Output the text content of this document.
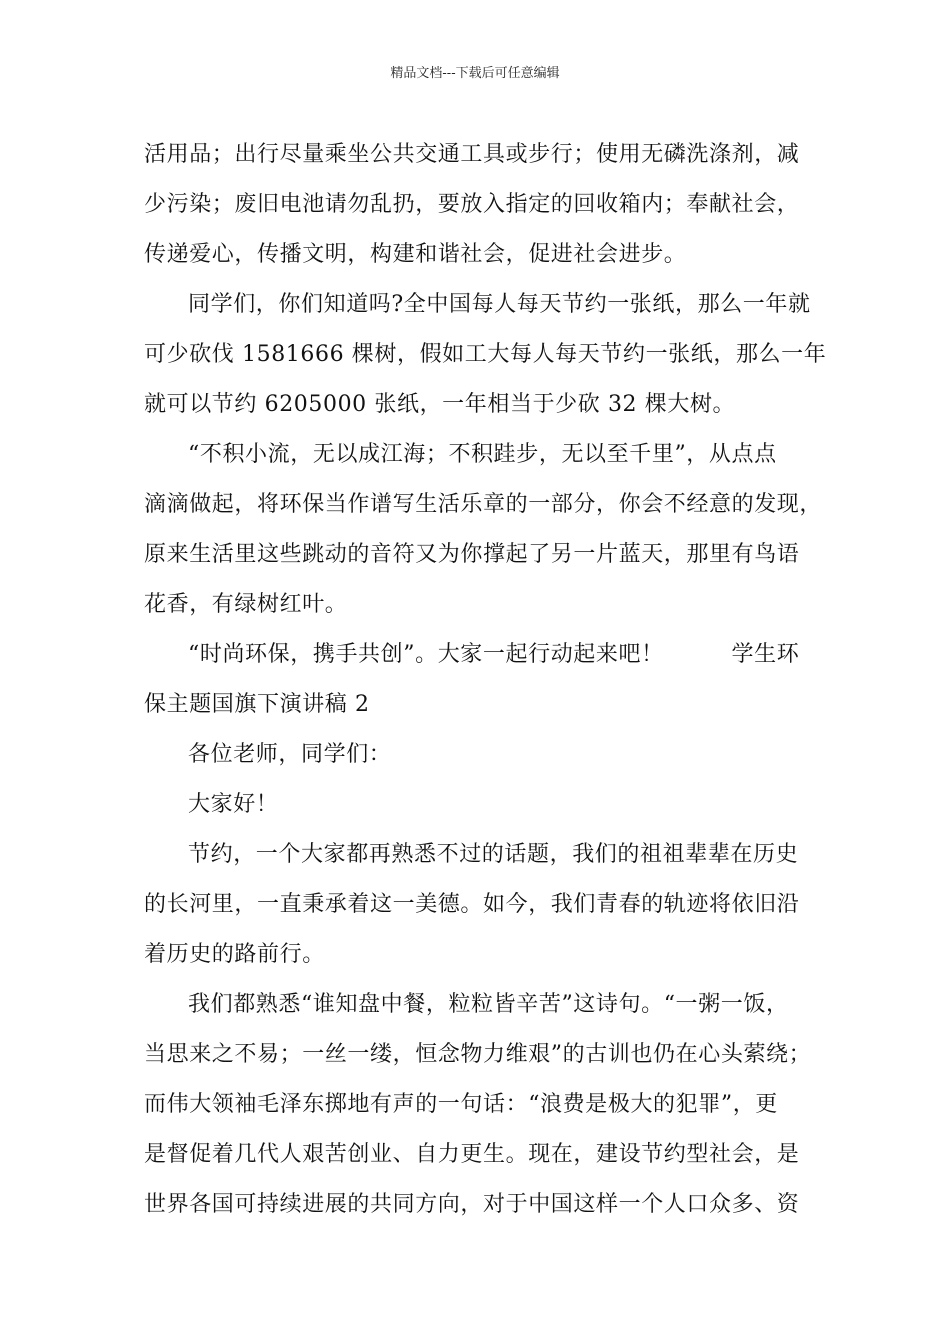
精品文档---下载后可任意编辑
活用品；出行尽量乘坐公共交通工具或步行；使用无磷洗涤剂，减
少污染；废旧电池请勿乱扔，要放入指定的回收箱内；奉献社会，
传递爱心，传播文明，构建和谐社会，促进社会进步。
同学们，你们知道吗?全中国每人每天节约一张纸，那么一年就
可少砍伐 1581666 棵树，假如工大每人每天节约一张纸，那么一年
就可以节约 6205000 张纸，一年相当于少砍 32 棵大树。
“不积小流，无以成江海；不积跬步，无以至千里”，从点点
滴滴做起，将环保当作谱写生活乐章的一部分，你会不经意的发现，
原来生活里这些跳动的音符又为你撑起了另一片蓝天，那里有鸟语
花香，有绿树红叶。
“时尚环保，携手共创”。大家一起行动起来吧！　　　学生环
保主题国旗下演讲稿 2
各位老师，同学们：
大家好！
节约，一个大家都再熟悉不过的话题，我们的祖祖辈辈在历史
的长河里，一直秉承着这一美德。如今，我们青春的轨迹将依旧沿
着历史的路前行。
我们都熟悉“谁知盘中餐，粒粒皆辛苦”这诗句。“一粥一饭，
当思来之不易；一丝一缕，恒念物力维艰”的古训也仍在心头萦绕；
而伟大领袖毛泽东掷地有声的一句话：“浪费是极大的犯罪”，更
是督促着几代人艰苦创业、自力更生。现在，建设节约型社会，是
世界各国可持续进展的共同方向，对于中国这样一个人口众多、资
